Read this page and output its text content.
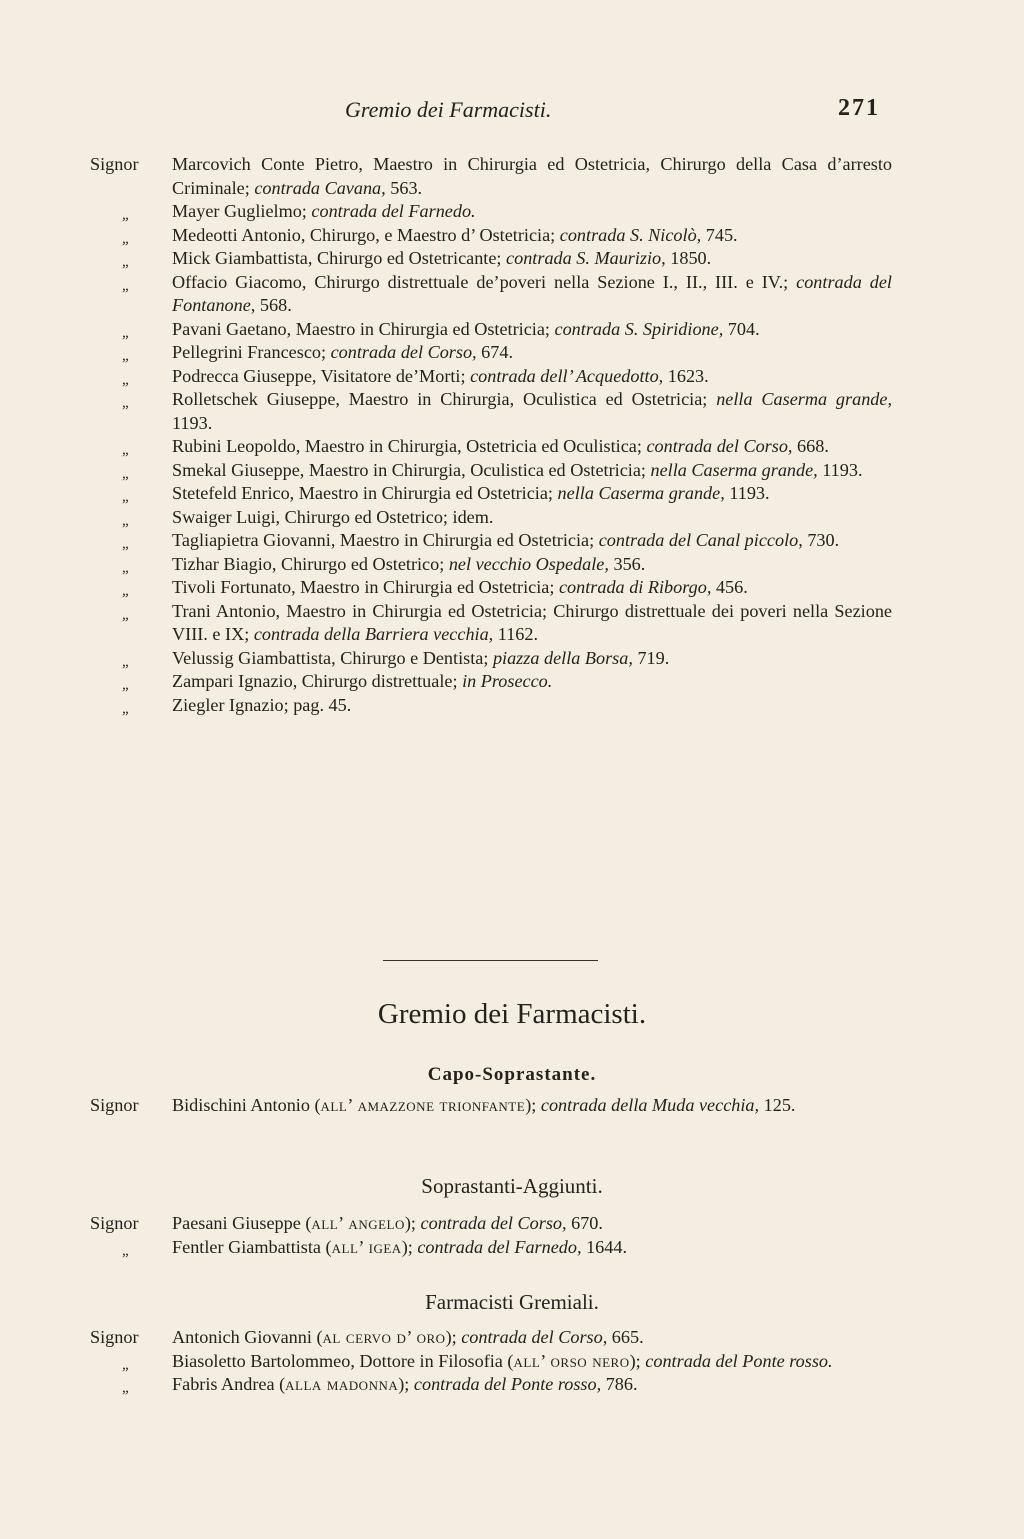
Gremio dei Farmacisti.	271
Signor	Marcovich Conte Pietro, Maestro in Chirurgia ed Ostetricia, Chirurgo della Casa d’arresto Criminale; contrada Cavana, 563.
„	Mayer Guglielmo; contrada del Farnedo.
„	Medeotti Antonio, Chirurgo, e Maestro d’ Ostetricia; contrada S. Nicolò, 745.
„	Mick Giambattista, Chirurgo ed Ostetricante; contrada S. Maurizio, 1850.
„	Offacio Giacomo, Chirurgo distrettuale de’poveri nella Sezione I., II., III. e IV.; contrada del Fontanone, 568.
„	Pavani Gaetano, Maestro in Chirurgia ed Ostetricia; contrada S. Spiridione, 704.
„	Pellegrini Francesco; contrada del Corso, 674.
„	Podrecca Giuseppe, Visitatore de’Morti; contrada dell’ Acquedotto, 1623.
„	Rolletschek Giuseppe, Maestro in Chirurgia, Oculistica ed Ostetricia; nella Caserma grande, 1193.
„	Rubini Leopoldo, Maestro in Chirurgia, Ostetricia ed Oculistica; contrada del Corso, 668.
„	Smekal Giuseppe, Maestro in Chirurgia, Oculistica ed Ostetricia; nella Caserma grande, 1193.
„	Stetefeld Enrico, Maestro in Chirurgia ed Ostetricia; nella Caserma grande, 1193.
„	Swaiger Luigi, Chirurgo ed Ostetrico; idem.
„	Tagliapietra Giovanni, Maestro in Chirurgia ed Ostetricia; contrada del Canal piccolo, 730.
„	Tizhar Biagio, Chirurgo ed Ostetrico; nel vecchio Ospedale, 356.
„	Tivoli Fortunato, Maestro in Chirurgia ed Ostetricia; contrada di Riborgo, 456.
„	Trani Antonio, Maestro in Chirurgia ed Ostetricia; Chirurgo distrettuale dei poveri nella Sezione VIII. e IX; contrada della Barriera vecchia, 1162.
„	Velussig Giambattista, Chirurgo e Dentista; piazza della Borsa, 719.
„	Zampari Ignazio, Chirurgo distrettuale; in Prosecco.
„	Ziegler Ignazio; pag. 45.
Gremio dei Farmacisti.
Capo-Soprastante.
Signor	Bidischini Antonio (all’ amazzone trionfante); contrada della Muda vecchia, 125.
Soprastanti-Aggiunti.
Signor	Paesani Giuseppe (all’ angelo); contrada del Corso, 670.
„	Fentler Giambattista (all’ igea); contrada del Farnedo, 1644.
Farmacisti Gremiali.
Signor	Antonich Giovanni (al cervo d’ oro); contrada del Corso, 665.
„	Biasoletto Bartolommeo, Dottore in Filosofia (all’ orso nero); contrada del Ponte rosso.
„	Fabris Andrea (alla madonna); contrada del Ponte rosso, 786.
